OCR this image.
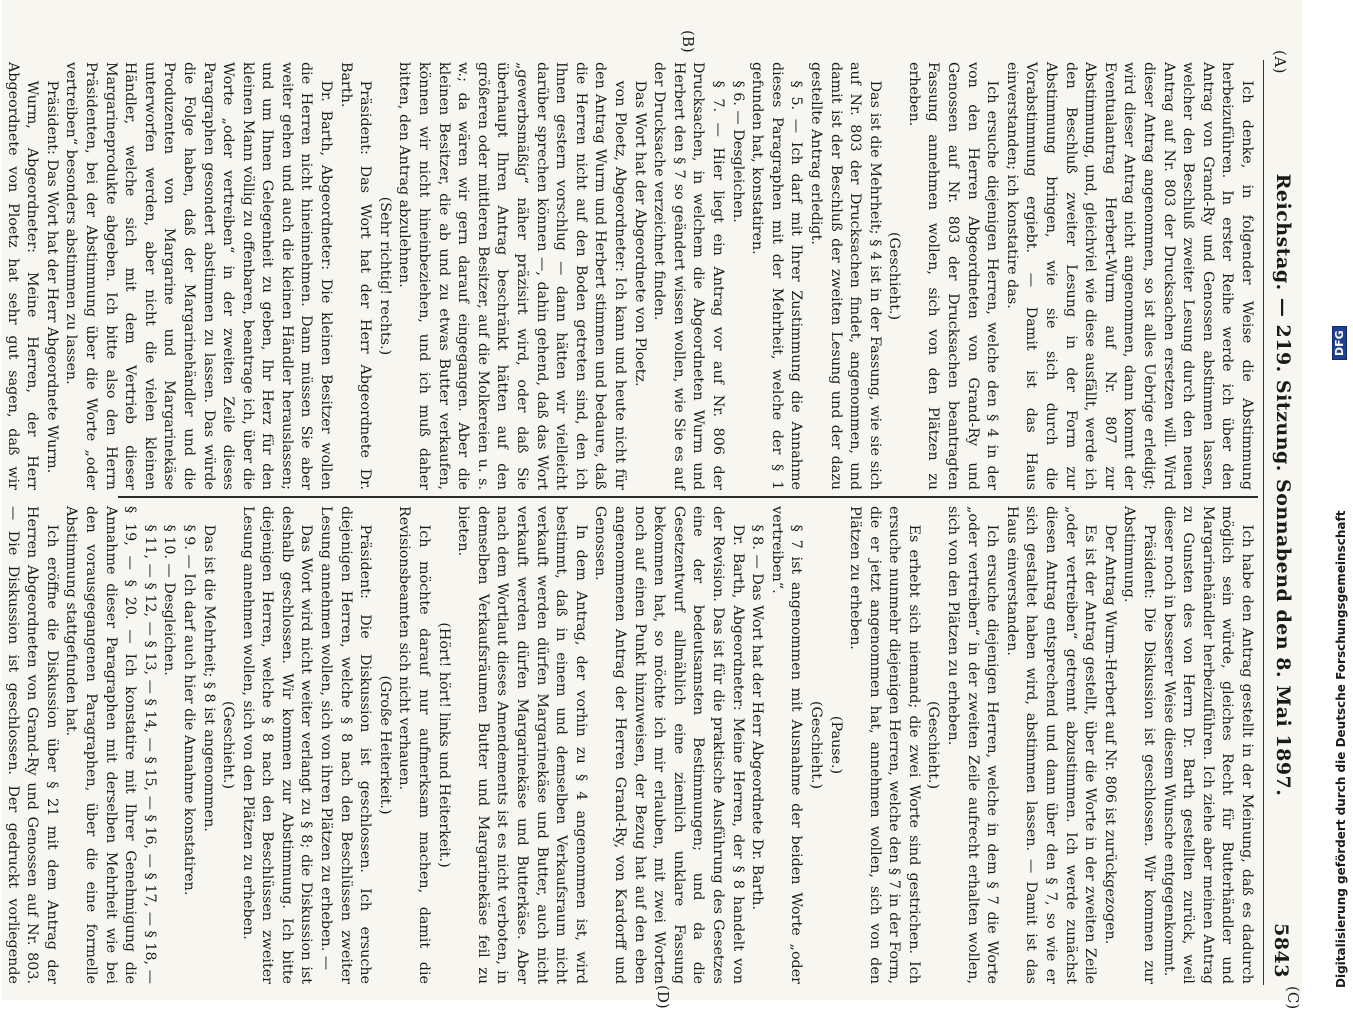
(A)
Reichstag. — 219. Sitzung. Sonnabend den 8. Mai 1897.
5843
(B)
(C)
(D)

Ich denke, in folgender Weise die Abstimmung herbeizuführen. In erster Reihe werde ich über den Antrag von Grand-Ry und Genossen abstimmen lassen, welcher den Beschluß zweiter Lesung durch den neuen Antrag auf Nr. 803 der Drucksachen ersetzen will. Wird dieser Antrag angenommen, so ist alles Uebrige erledigt; wird dieser Antrag nicht angenommen, dann kommt der Eventualantrag Herbert-Wurm auf Nr. 807 zur Abstimmung, und, gleichviel wie diese ausfällt, werde ich den Beschluß zweiter Lesung in der Form zur Abstimmung bringen, wie sie sich durch die Vorabstimmung ergiebt. — Damit ist das Haus einverstanden; ich konstatire das.

Ich ersuche diejenigen Herren, welche den § 4 in der von den Herren Abgeordneten von Grand-Ry und Genossen auf Nr. 803 der Drucksachen beantragten Fassung annehmen wollen, sich von den Plätzen zu erheben.

(Geschieht.)

Das ist die Mehrheit; § 4 ist in der Fassung, wie sie sich auf Nr. 803 der Drucksachen findet, angenommen, und damit ist der Beschluß der zweiten Lesung und der dazu gestellte Antrag erledigt.

§ 5. — Ich darf mit Ihrer Zustimmung die Annahme dieses Paragraphen mit der Mehrheit, welche der § 1 gefunden hat, konstatiren.

§ 6. — Desgleichen.

§ 7. — Hier liegt ein Antrag vor auf Nr. 806 der Drucksachen, in welchem die Abgeordneten Wurm und Herbert den § 7 so geändert wissen wollen, wie Sie es auf der Drucksache verzeichnet finden.

Das Wort hat der Abgeordnete von Ploetz.

von Ploetz, Abgeordneter: Ich kann und heute nicht für den Antrag Wurm und Herbert stimmen und bedaure, daß die Herren nicht auf den Boden getreten sind, den ich Ihnen gestern vorschlug — dann hätten wir vielleicht darüber sprechen können —, dahin gehend, daß das Wort „gewerbsmäßig“ näher präzisirt wird, oder daß Sie überhaupt Ihren Antrag beschränkt hätten auf den größeren oder mittleren Besitzer, auf die Molkereien u. s. w.; da wären wir gern darauf eingegangen. Aber die kleinen Besitzer, die ab und zu etwas Butter verkaufen, können wir nicht hineinbeziehen, und ich muß daher bitten, den Antrag abzulehnen.

(Sehr richtig! rechts.)

Präsident: Das Wort hat der Herr Abgeordnete Dr. Barth.

Dr. Barth, Abgeordneter: Die kleinen Besitzer wollen die Herren nicht hineinnehmen. Dann müssen Sie aber weiter gehen und auch die kleinen Händler herauslassen; und um Ihnen Gelegenheit zu geben, Ihr Herz für den kleinen Mann völlig zu offenbaren, beantrage ich, über die Worte „oder vertreiben“ in der zweiten Zeile dieses Paragraphen gesondert abstimmen zu lassen. Das würde die Folge haben, daß der Margarinehändler und die Produzenten von Margarine und Margarinekäse unterworfen werden, aber nicht die vielen kleinen Händler, welche sich mit dem Vertrieb dieser Margarineprodukte abgeben. Ich bitte also den Herrn Präsidenten, bei der Abstimmung über die Worte „oder vertreiben“ besonders abstimmen zu lassen.

Präsident: Das Wort hat der Herr Abgeordnete Wurm.

Wurm, Abgeordneter: Meine Herren, der Herr Abgeordnete von Ploetz hat sehr gut sagen, daß wir

Ich habe den Antrag gestellt in der Meinung, daß es dadurch möglich sein würde, gleiches Recht für Butterhändler und Margarinehändler herbeizuführen. Ich ziehe aber meinen Antrag zu Gunsten des von Herrn Dr. Barth gestellten zurück, weil dieser noch in besserer Weise diesem Wunsche entgegenkommt.

Präsident: Die Diskussion ist geschlossen. Wir kommen zur Abstimmung.

Der Antrag Wurm-Herbert auf Nr. 806 ist zurückgezogen.

Es ist der Antrag gestellt, über die Worte in der zweiten Zeile „oder vertreiben“ getrennt abzustimmen. Ich werde zunächst diesen Antrag entsprechend und dann über den § 7, so wie er sich gestaltet haben wird, abstimmen lassen. — Damit ist das Haus einverstanden.

Ich ersuche diejenigen Herren, welche in dem § 7 die Worte „oder vertreiben“ in der zweiten Zeile aufrecht erhalten wollen, sich von den Plätzen zu erheben.

(Geschieht.)

Es erhebt sich niemand; die zwei Worte sind gestrichen. Ich ersuche nunmehr diejenigen Herren, welche den § 7 in der Form, die er jetzt angenommen hat, annehmen wollen, sich von den Plätzen zu erheben.

(Pause.)

(Geschieht.)

§ 7 ist angenommen mit Ausnahme der beiden Worte „oder vertreiben“.

§ 8. — Das Wort hat der Herr Abgeordnete Dr. Barth.

Dr. Barth, Abgeordneter: Meine Herren, der § 8 handelt von der Revision. Das ist für die praktische Ausführung des Gesetzes eine der bedeutsamsten Bestimmungen; und da die Gesetzentwurf allmählich eine ziemlich unklare Fassung bekommen hat, so möchte ich mir erlauben, mit zwei Worten noch auf einen Punkt hinzuweisen, der Bezug hat auf den eben angenommenen Antrag der Herren Grand-Ry, von Kardorff und Genossen.

In dem Antrag, der vorhin zu § 4 angenommen ist, wird bestimmt, daß in einem und demselben Verkaufsraum nicht verkauft werden dürfen Margarinekäse und Butter, auch nicht verkauft werden dürfen Margarinekäse und Butterkäse. Aber nach dem Wortlaut dieses Amendements ist es nicht verboten, in demselben Verkaufsräumen Butter und Margarinekäse feil zu bieten.

(Hört! hört! links und Heiterkeit.)

Ich möchte darauf nur aufmerksam machen, damit die Revisionsbeamten sich nicht verhauen.

(Große Heiterkeit.)

Präsident: Die Diskussion ist geschlossen. Ich ersuche diejenigen Herren, welche § 8 nach den Beschlüssen zweiter Lesung annehmen wollen, sich von ihren Plätzen zu erheben. —

Das Wort wird nicht weiter verlangt zu § 8; die Diskussion ist deshalb geschlossen. Wir kommen zur Abstimmung. Ich bitte diejenigen Herren, welche § 8 nach den Beschlüssen zweiter Lesung annehmen wollen, sich von den Plätzen zu erheben.

(Geschieht.)

Das ist die Mehrheit; § 8 ist angenommen.

§ 9. — Ich darf auch hier die Annahme konstatiren.

§ 10. — Desgleichen.

§ 11, — § 12, — § 13, — § 14, — § 15, — § 16, — § 17, — § 18, — § 19, — § 20. — Ich konstatire mit Ihrer Genehmigung die Annahme dieser Paragraphen mit derselben Mehrheit wie bei den vorausgegangenen Paragraphen, über die eine formelle Abstimmung stattgefunden hat.

Ich eröffne die Diskussion über § 21 mit dem Antrag der Herren Abgeordneten von Grand-Ry und Genossen auf Nr. 803. — Die Diskussion ist geschlossen. Der gedruckt vorliegende	Digitalisierung gefördert durch die Deutsche Forschungsgemeinschaft
DFG
